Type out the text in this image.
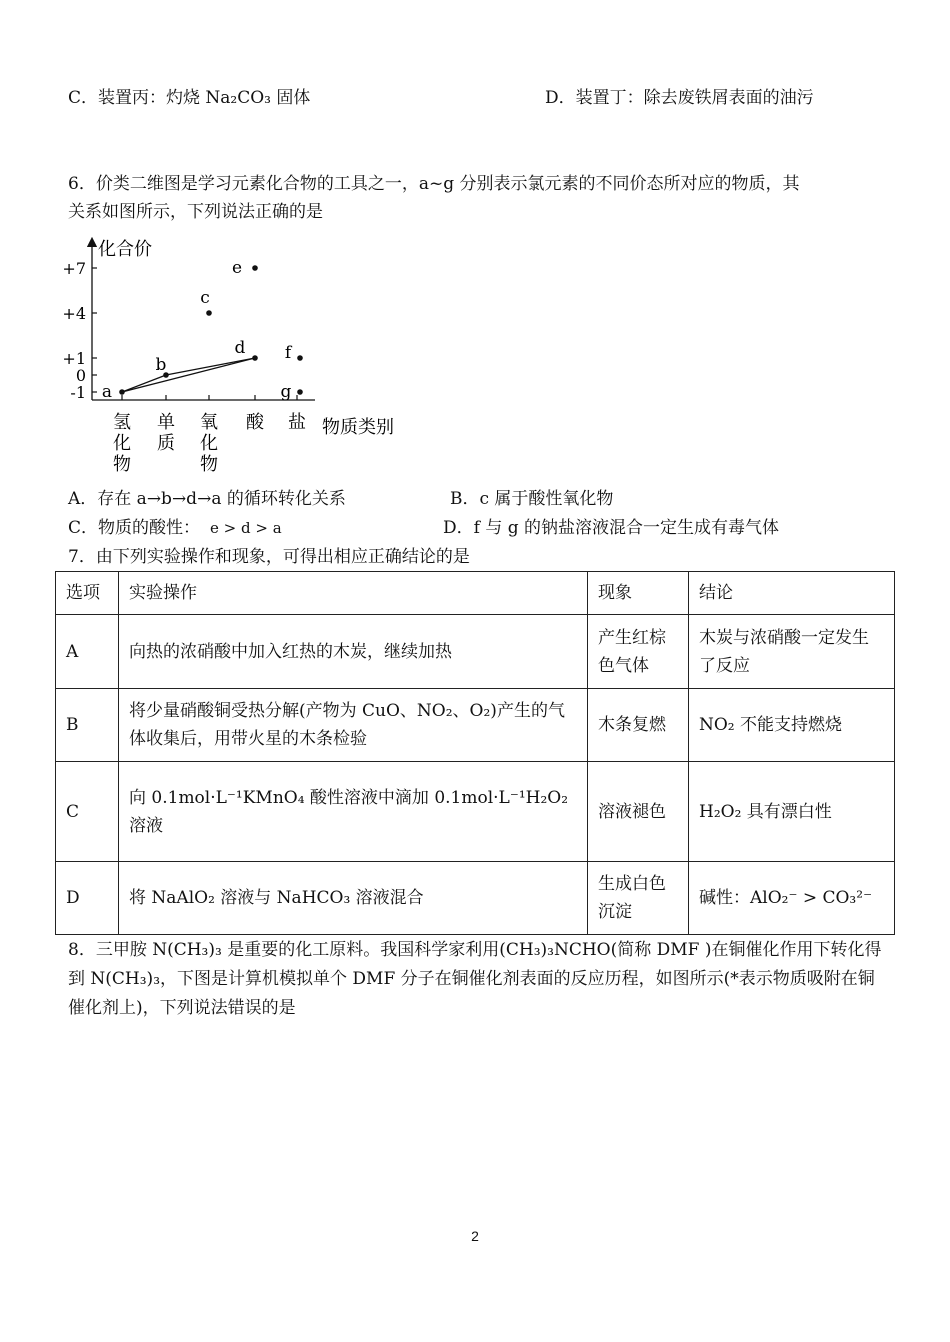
C．装置丙：灼烧 Na₂CO₃ 固体	D．装置丁：除去废铁屑表面的油污
6．价类二维图是学习元素化合物的工具之一，a~g 分别表示氯元素的不同价态所对应的物质，其
关系如图所示，下列说法正确的是
化合价
物质类别
+7
+4
+1
0
-1
氢
化
物
单
质
氧
化
物
酸 盐
a
b
c
d
e
f
g
A．存在 a→b→d→a 的循环转化关系	B．c 属于酸性氧化物
C．物质的酸性： e > d > a	D．f 与 g 的钠盐溶液混合一定生成有毒气体
7．由下列实验操作和现象，可得出相应正确结论的是
选项	实验操作	现象	结论
A	向热的浓硝酸中加入红热的木炭，继续加热	产生红棕色气体	木炭与浓硝酸一定发生了反应
B	将少量硝酸铜受热分解(产物为 CuO、NO₂、O₂)产生的气体收集后，用带火星的木条检验	木条复燃	NO₂ 不能支持燃烧
C	向 0.1mol·L⁻¹KMnO₄ 酸性溶液中滴加 0.1mol·L⁻¹H₂O₂ 溶液	溶液褪色	H₂O₂ 具有漂白性
D	将 NaAlO₂ 溶液与 NaHCO₃ 溶液混合	生成白色沉淀	碱性：AlO₂⁻ > CO₃²⁻
8．三甲胺 N(CH₃)₃ 是重要的化工原料。我国科学家利用(CH₃)₃NCHO(简称 DMF )在铜催化作用下转化得到 N(CH₃)₃，下图是计算机模拟单个 DMF 分子在铜催化剂表面的反应历程，如图所示(*表示物质吸附在铜催化剂上)，下列说法错误的是
2
